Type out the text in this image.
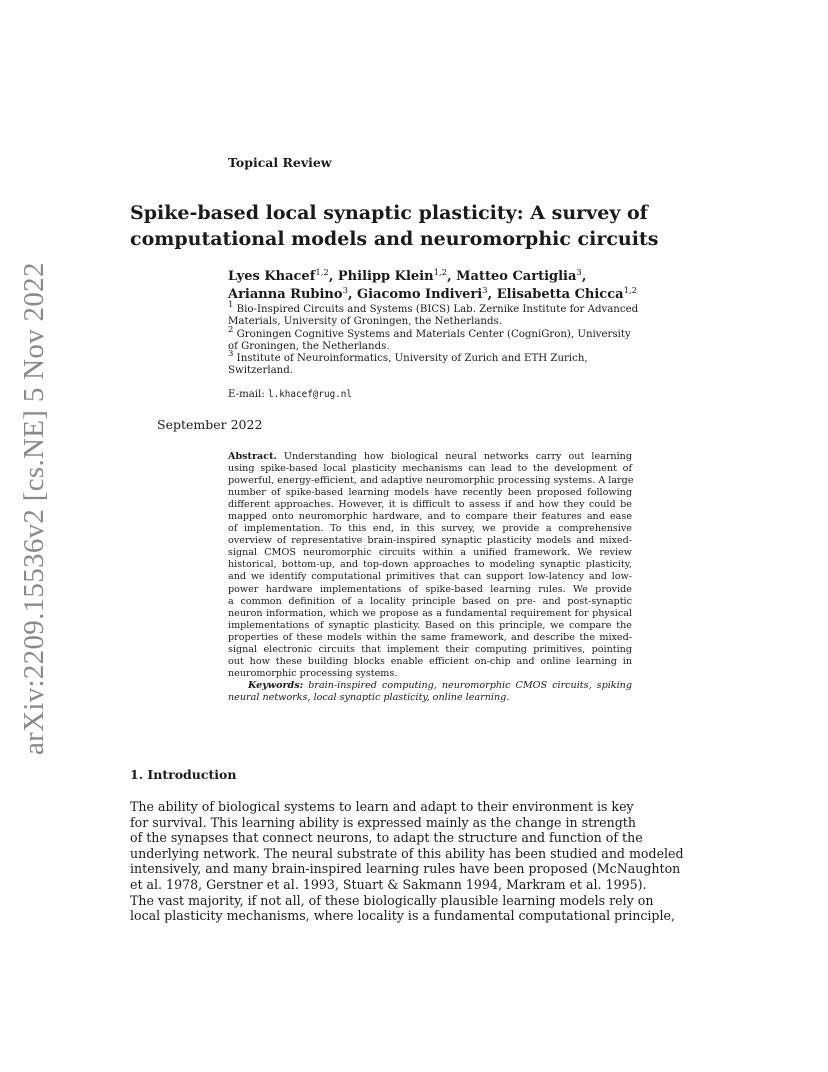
arXiv:2209.15536v2 [cs.NE] 5 Nov 2022
Topical Review
Spike-based local synaptic plasticity: A survey of
computational models and neuromorphic circuits
Lyes Khacef$^{1,2}$, Philipp Klein$^{1,2}$, Matteo Cartiglia$^3$,
Arianna Rubino$^3$, Giacomo Indiveri$^3$, Elisabetta Chicca$^{1,2}$
$^1$ Bio-Inspired Circuits and Systems (BICS) Lab. Zernike Institute for Advanced
Materials, University of Groningen, the Netherlands.
$^2$ Groningen Cognitive Systems and Materials Center (CogniGron), University
of Groningen, the Netherlands.
$^3$ Institute of Neuroinformatics, University of Zurich and ETH Zurich,
Switzerland.
E-mail: l.khacef@rug.nl
September 2022
Abstract. Understanding how biological neural networks carry out learning
using spike-based local plasticity mechanisms can lead to the development of
powerful, energy-efficient, and adaptive neuromorphic processing systems. A large
number of spike-based learning models have recently been proposed following
different approaches. However, it is difficult to assess if and how they could be
mapped onto neuromorphic hardware, and to compare their features and ease
of implementation. To this end, in this survey, we provide a comprehensive
overview of representative brain-inspired synaptic plasticity models and mixed-
signal CMOS neuromorphic circuits within a unified framework. We review
historical, bottom-up, and top-down approaches to modeling synaptic plasticity,
and we identify computational primitives that can support low-latency and low-
power hardware implementations of spike-based learning rules. We provide
a common definition of a locality principle based on pre- and post-synaptic
neuron information, which we propose as a fundamental requirement for physical
implementations of synaptic plasticity. Based on this principle, we compare the
properties of these models within the same framework, and describe the mixed-
signal electronic circuits that implement their computing primitives, pointing
out how these building blocks enable efficient on-chip and online learning in
neuromorphic processing systems.
Keywords: brain-inspired computing, neuromorphic CMOS circuits, spiking
neural networks, local synaptic plasticity, online learning.
1. Introduction
The ability of biological systems to learn and adapt to their environment is key
for survival. This learning ability is expressed mainly as the change in strength
of the synapses that connect neurons, to adapt the structure and function of the
underlying network. The neural substrate of this ability has been studied and modeled
intensively, and many brain-inspired learning rules have been proposed (McNaughton
et al. 1978, Gerstner et al. 1993, Stuart & Sakmann 1994, Markram et al. 1995).
The vast majority, if not all, of these biologically plausible learning models rely on
local plasticity mechanisms, where locality is a fundamental computational principle,
